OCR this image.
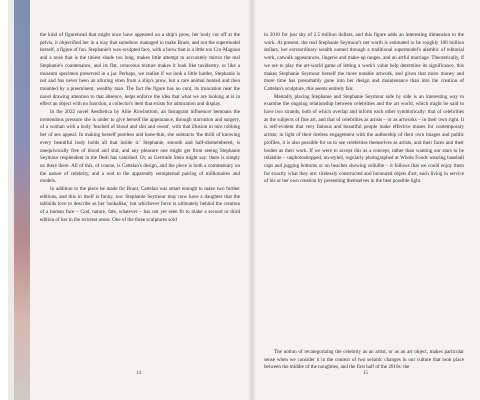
the kind of figurehead that might once have appeared on a ship's prow, her body cut off at the pelvis, it objectified her in a way that somehow managed to make Brant, and not the supermodel herself, a figure of fun. Stephanie's wax-sculpted face, with a brow that is a little too Cro-Magnon and a nose that is the tiniest shade too long, makes little attempt to accurately mirror the real Stephanie's countenance, and its flat, cetaceous texture makes it look like taxidermy, or like a museum specimen preserved in a jar. Perhaps, we realise if we look a little harder, Stephanie is not and has never been an alluring siren from a ship's prow, but a rare animal hunted and then mounted by a preeminent, wealthy man. The fact the figure has no cunt, its truncation near the navel drawing attention to that absence, helps enforce the idea that what we are looking at is in effect an object with no function, a collector's item that exists for admiration and display.

In the 2022 novel Aesthetica by Allie Rowbottom, an Instagram influencer bemoans the tremendous pressure she is under to give herself the appearance, through starvation and surgery, of a woman with a body 'leached of blood and shit and sweat', with that illusion in turn robbing her of sex appeal. In making herself poreless and bone-thin, she subtracts 'the thrill of knowing every beautiful body holds all that inside it.' Stephanie, smooth and half-dismembered, is unequivocally free of blood and shit, and any pleasure one might get from seeing Stephanie Seymour resplendent in the flesh has vanished. Or, as Gertrude Stein might say: there is simply no there there. All of this, of course, is Cattelan's design, and the piece is both a commentary on the nature of celebrity, and a nod to the apparently semipternal pairing of millionaires and models.

In addition to the piece he made for Brant, Cattelan was smart enough to make two further editions, and this in itself is funny, too: Stephanie Seymour may now have a daughter that the tabloids love to describe as her 'lookalike,' but whichever force is ultimately behind the creation of a human face – God, nature, fate, whatever – has not yet seen fit to make a second or third edition of her in the strictest sense. One of the three sculptures sold

14

in 2010 for just shy of 2.5 million dollars, and this figure adds an interesting dimension to the work. At present, the real Stephanie Seymour's net worth is estimated to be roughly 100 million dollars, her extraordinary wealth earned through a traditional supermodel's alembic of editorial work, catwalk appearances, lingerie and make-up ranges, and an artful marriage. Theoretically, if we are to play the art-world game of letting a work's value help determine its significance, this makes Stephanie Seymour herself the more notable artwork, and given that more money and more time has presumably gone into her design and maintenance than into the creation of Cattelan's sculpture, this seems entirely fair.

Mentally placing Stephanie and Stephanie Seymour side by side is an interesting way to examine the ongoing relationship between celebrities and the art world, which might be said to have two strands, both of which overlap and inform each other symbiotically: that of celebrities as the subjects of fine art, and that of celebrities as artists – or as artworks – in their own right. It is self-evident that very famous and beautiful people make effective muses for contemporary artists; in light of their tireless engagement with the authorship of their own images and public profiles, it is also possible for us to see celebrities themselves as artists, and their faces and their bodies as their work. If we were to accept this as a concept, rather than wanting our stars to be relatable – unphotoshopped, un-styled, regularly photographed at Whole Foods wearing baseball caps and jogging bottoms or on beaches showing cellulite – it follows that we could enjoy them for exactly what they are: tirelessly constructed and honoured objets d'art, each living in service of his or her own creation by presenting themselves in the best possible light.

The notion of recategorizing the celebrity as an artist, or as an art object, makes particular sense when we consider it in the context of two seismic changes in our culture that took place between the middle of the noughties, and the first half of the 2010s: the

15
